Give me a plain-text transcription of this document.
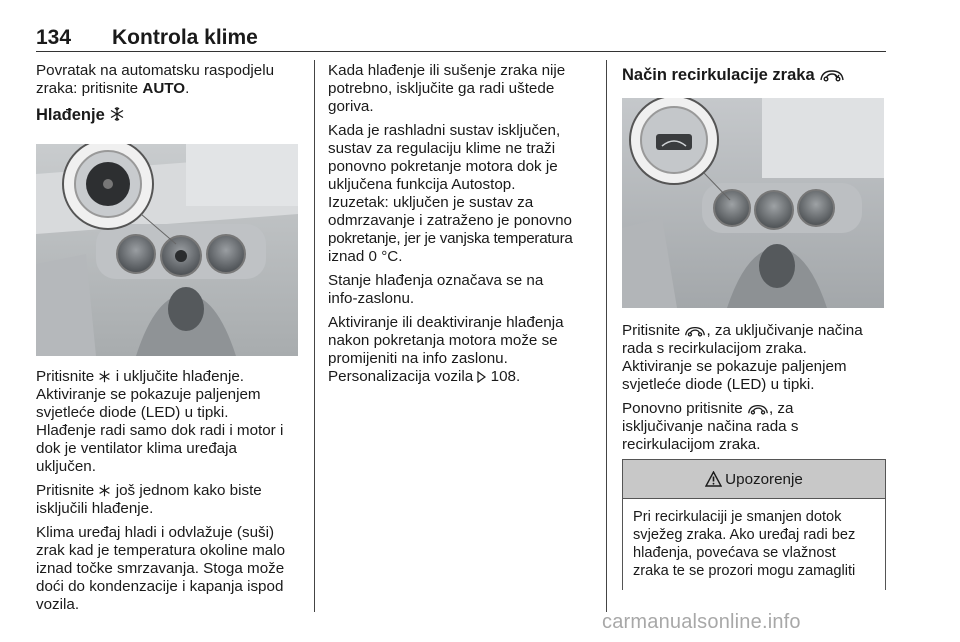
134 Kontrola klime

Povratak na automatsku raspodjelu
zraka: pritisnite AUTO.

Hlađenje

Pritisnite
i uključite hlađenje.
Aktiviranje se pokazuje paljenjem
svjetleće diode (LED) u tipki.
Hlađenje radi samo dok radi i motor i
dok je ventilator klima uređaja
uključen.

Pritisnite
još jednom kako biste
isključili hlađenje.

Klima uređaj hladi i odvlažuje (suši)
zrak kad je temperatura okoline malo
iznad točke smrzavanja. Stoga može
doći do kondenzacije i kapanja ispod
vozila.

Kada hlađenje ili sušenje zraka nije
potrebno, isključite ga radi uštede
goriva.

Kada je rashladni sustav isključen,
sustav za regulaciju klime ne traži
ponovno pokretanje motora dok je
uključena funkcija Autostop.
Izuzetak: uključen je sustav za
odmrzavanje i zatraženo je ponovno
pokretanje, jer je vanjska temperatura
iznad 0 °C.

Stanje hlađenja označava se na
info-zaslonu.

Aktiviranje ili deaktiviranje hlađenja
nakon pokretanja motora može se
promijeniti na info zaslonu.
Personalizacija vozila
108.

Način recirkulacije zraka

Pritisnite
, za uključivanje načina
rada s recirkulacijom zraka.
Aktiviranje se pokazuje paljenjem
svjetleće diode (LED) u tipki.

Ponovno pritisnite
, za
isključivanje načina rada s
recirkulacijom zraka.

Upozorenje
Pri recirkulaciji je smanjen dotok
svježeg zraka. Ako uređaj radi bez
hlađenja, povećava se vlažnost
zraka te se prozori mogu zamagliti
carmanualsonline.info
